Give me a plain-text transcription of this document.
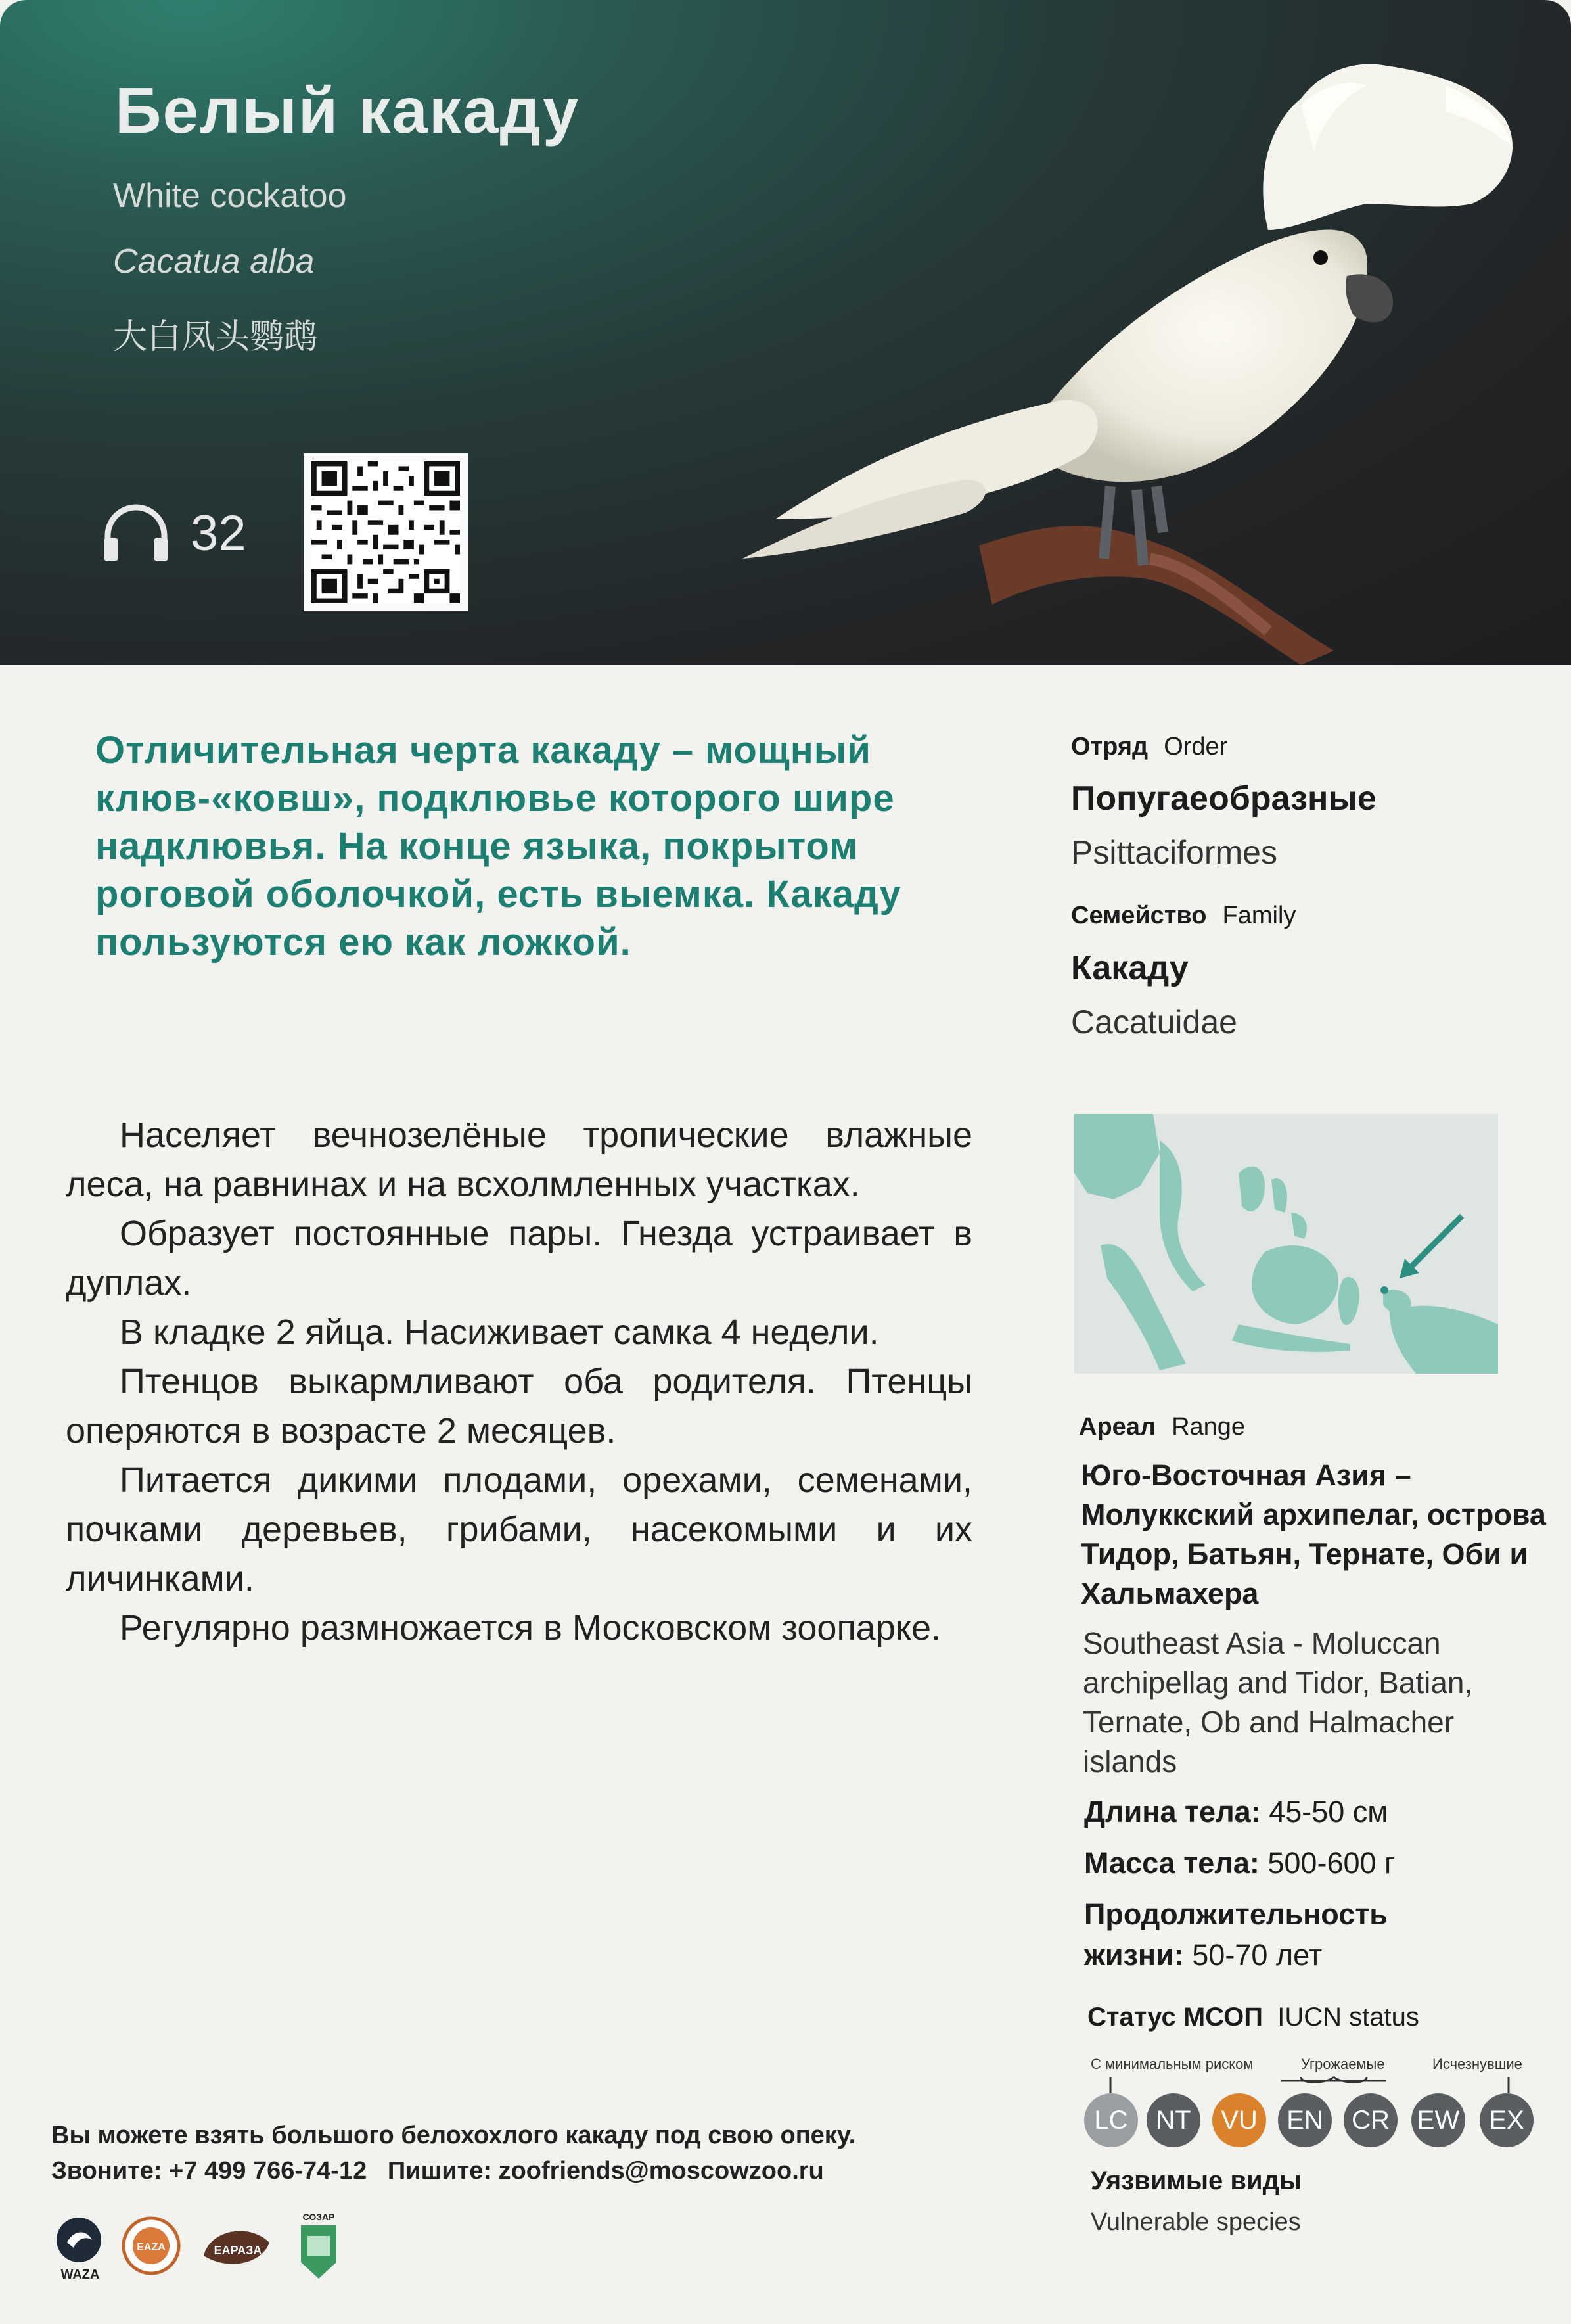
Белый какаду
White cockatoo
Cacatua alba
大白凤头鹦鹉
32
Отличительная черта какаду – мощный клюв-«ковш», подклювье которого шире надклювья. На конце языка, покрытом роговой оболочкой, есть выемка. Какаду пользуются ею как ложкой.

Населяет вечнозелёные тропические влажные леса, на равнинах и на всхолмленных участках.

Образует постоянные пары. Гнезда устраивает в дуплах.

В кладке 2 яйца. Насиживает самка 4 недели.

Птенцов выкармливают оба родителя. Птенцы оперяются в возрасте 2 месяцев.

Питается дикими плодами, орехами, семенами, почками деревьев, грибами, насекомыми и их личинками.

Регулярно размножается в Московском зоопарке.

Отряд Order
Попугаеобразные
Psittaciformes
Семейство Family
Какаду
Cacatuidae
Ареал Range
Юго-Восточная Азия – Молуккский архипелаг, острова Тидор, Батьян, Тернате, Оби и Хальмахера
Southeast Asia - Moluccan archipellag and Tidor, Batian, Ternate, Ob and Halmacher islands
Длина тела: 45-50 см
Масса тела: 500-600 г
Продолжительность
жизни: 50-70 лет
Статус МСОП IUCN status
С минимальным риском	Угрожаемые	Исчезнувшие
LC	NT	VU	EN	CR	EW	EX
Уязвимые виды
Vulnerable species
Вы можете взять большого белохохлого какаду под свою опеку.
Звоните: +7 499 766-74-12 Пишите: zoofriends@moscowzoo.ru
WAZA
EAZA	ЕАРАЗА
СОЗАР
